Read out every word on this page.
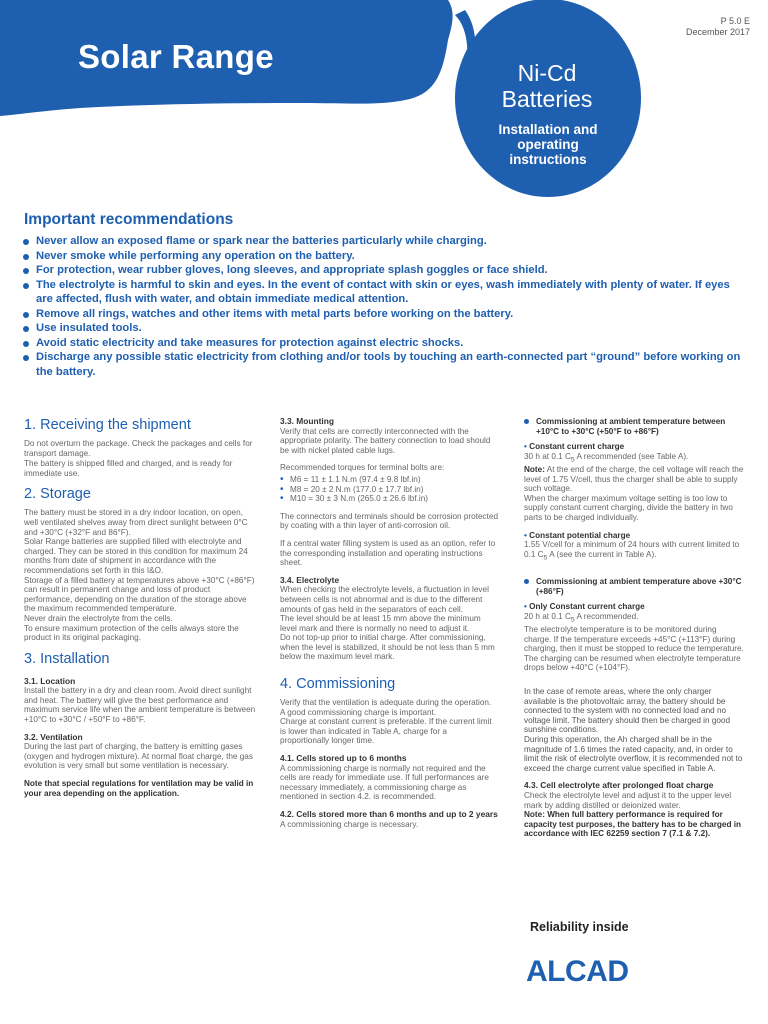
Solar Range	Ni-Cd
Batteries
Installation and
operating
instructions
P 5.0 E
December 2017
Important recommendations
Never allow an exposed flame or spark near the batteries particularly while charging.
Never smoke while performing any operation on the battery.
For protection, wear rubber gloves, long sleeves, and appropriate splash goggles or face shield.
The electrolyte is harmful to skin and eyes. In the event of contact with skin or eyes, wash immediately with plenty of water. If eyes are affected, flush with water, and obtain immediate medical attention.
Remove all rings, watches and other items with metal parts before working on the battery.
Use insulated tools.
Avoid static electricity and take measures for protection against electric shocks.
Discharge any possible static electricity from clothing and/or tools by touching an earth-connected part “ground” before working on the battery.
1. Receiving the shipment

Do not overturn the package. Check the packages and cells for transport damage.

The battery is shipped filled and charged, and is ready for immediate use.

2. Storage
The battery must be stored in a dry indoor location, on open, well ventilated shelves away from direct sunlight between 0°C and +30°C (+32°F and 86°F).
Solar Range batteries are supplied filled with electrolyte and charged. They can be stored in this condition for maximum 24 months from date of shipment in accordance with the recommendations set forth in this I&O.
Storage of a filled battery at temperatures above +30°C (+86°F) can result in permanent change and loss of product performance, depending on the duration of the storage above the maximum recommended temperature.
Never drain the electrolyte from the cells.

To ensure maximum protection of the cells always store the product in its original packaging.

3. Installation
3.1. Location

Install the battery in a dry and clean room. Avoid direct sunlight and heat. The battery will give the best performance and maximum service life when the ambient temperature is between +10°C to +30°C / +50°F to +86°F.

3.2. Ventilation

During the last part of charging, the battery is emitting gases (oxygen and hydrogen mixture). At normal float charge, the gas evolution is very small but some ventilation is necessary.

Note that special regulations for ventilation may be valid in your area depending on the application.

3.3. Mounting

Verify that cells are correctly interconnected with the appropriate polarity. The battery connection to load should be with nickel plated cable lugs.

Recommended torques for terminal bolts are:
• M6 = 11 ± 1.1 N.m (97.4 ± 9.8 lbf.in)
• M8 = 20 ± 2 N.m (177.0 ± 17.7 lbf.in)
• M10 = 30 ± 3 N.m (265.0 ± 26.6 lbf.in)

The connectors and terminals should be corrosion protected by coating with a thin layer of anti-corrosion oil.

If a central water filling system is used as an option, refer to the corresponding installation and operating instructions sheet.

3.4. Electrolyte
When checking the electrolyte levels, a fluctuation in level between cells is not abnormal and is due to the different amounts of gas held in the separators of each cell.
The level should be at least 15 mm above the minimum level mark and there is normally no need to adjust it.

Do not top-up prior to initial charge. After commissioning, when the level is stabilized, it should be not less than 5 mm below the maximum level mark.

4. Commissioning
Verify that the ventilation is adequate during the operation.
A good commissioning charge is important.

Charge at constant current is preferable. If the current limit is lower than indicated in Table A, charge for a proportionally longer time.

4.1. Cells stored up to 6 months

A commissioning charge is normally not required and the cells are ready for immediate use. If full performances are necessary immediately, a commissioning charge as mentioned in section 4.2. is recommended.

4.2. Cells stored more than 6 months and up to 2 years

A commissioning charge is necessary.

Commissioning at ambient temperature between +10°C to +30°C (+50°F to +86°F)
• Constant current charge
30 h at 0.1 $C_5$ A recommended (see Table A).
Note: At the end of the charge, the cell voltage will reach the level of 1.75 V/cell, thus the charger shall be able to supply such voltage.

When the charger maximum voltage setting is too low to supply constant current charging, divide the battery in two parts to be charged individually.

• Constant potential charge

1.55 V/cell for a minimum of 24 hours with current limited to 0.1 $C_5$ A (see the current in Table A).

Commissioning at ambient temperature above +30°C (+86°F)
• Only Constant current charge
20 h at 0.1 $C_5$ A recommended.

The electrolyte temperature is to be monitored during charge. If the temperature exceeds +45°C (+113°F) during charging, then it must be stopped to reduce the temperature. The charging can be resumed when electrolyte temperature drops below +40°C (+104°F).

In the case of remote areas, where the only charger available is the photovoltaic array, the battery should be connected to the system with no connected load and no voltage limit. The battery should then be charged in good sunshine conditions.

During this operation, the Ah charged shall be in the magnitude of 1.6 times the rated capacity, and, in order to limit the risk of electrolyte overflow, it is recommended not to exceed the charge current value specified in Table A.

4.3. Cell electrolyte after prolonged float charge
Check the electrolyte level and adjust it to the upper level mark by adding distilled or deionized water.

Note: When full battery performance is required for capacity test purposes, the battery has to be charged in accordance with IEC 62259 section 7 (7.1 & 7.2).

Reliability inside
ALCAD
